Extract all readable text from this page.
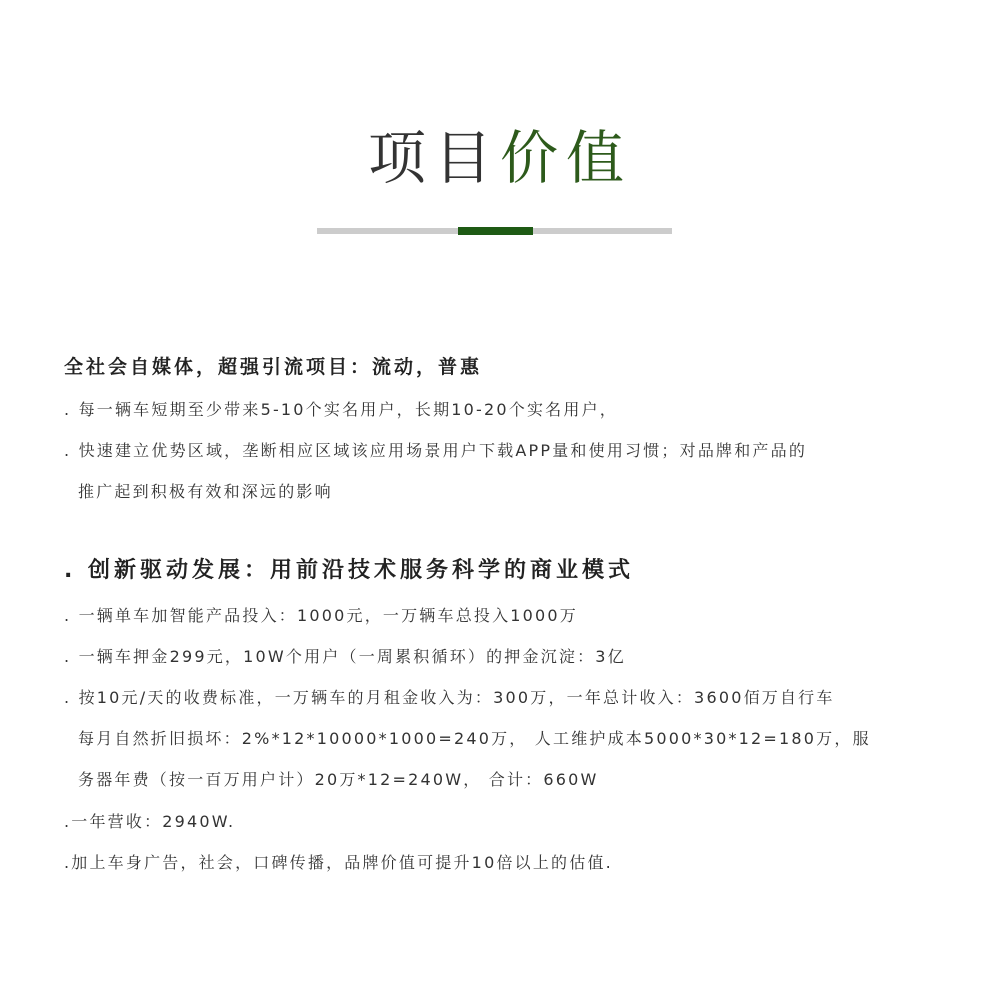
项目价值
全社会自媒体，超强引流项目：流动，普惠
. 每一辆车短期至少带来5-10个实名用户，长期10-20个实名用户，
. 快速建立优势区域，垄断相应区域该应用场景用户下载APP量和使用习惯；对品牌和产品的
推广起到积极有效和深远的影响
. 创新驱动发展：用前沿技术服务科学的商业模式
. 一辆单车加智能产品投入：1000元，一万辆车总投入1000万
. 一辆车押金299元，10W个用户（一周累积循环）的押金沉淀：3亿
. 按10元/天的收费标准，一万辆车的月租金收入为：300万，一年总计收入：3600佰万自行车
每月自然折旧损坏：2%*12*10000*1000=240万， 人工维护成本5000*30*12=180万，服
务器年费（按一百万用户计）20万*12=240W， 合计：660W
.一年营收：2940W.
.加上车身广告，社会，口碑传播，品牌价值可提升10倍以上的估值.
